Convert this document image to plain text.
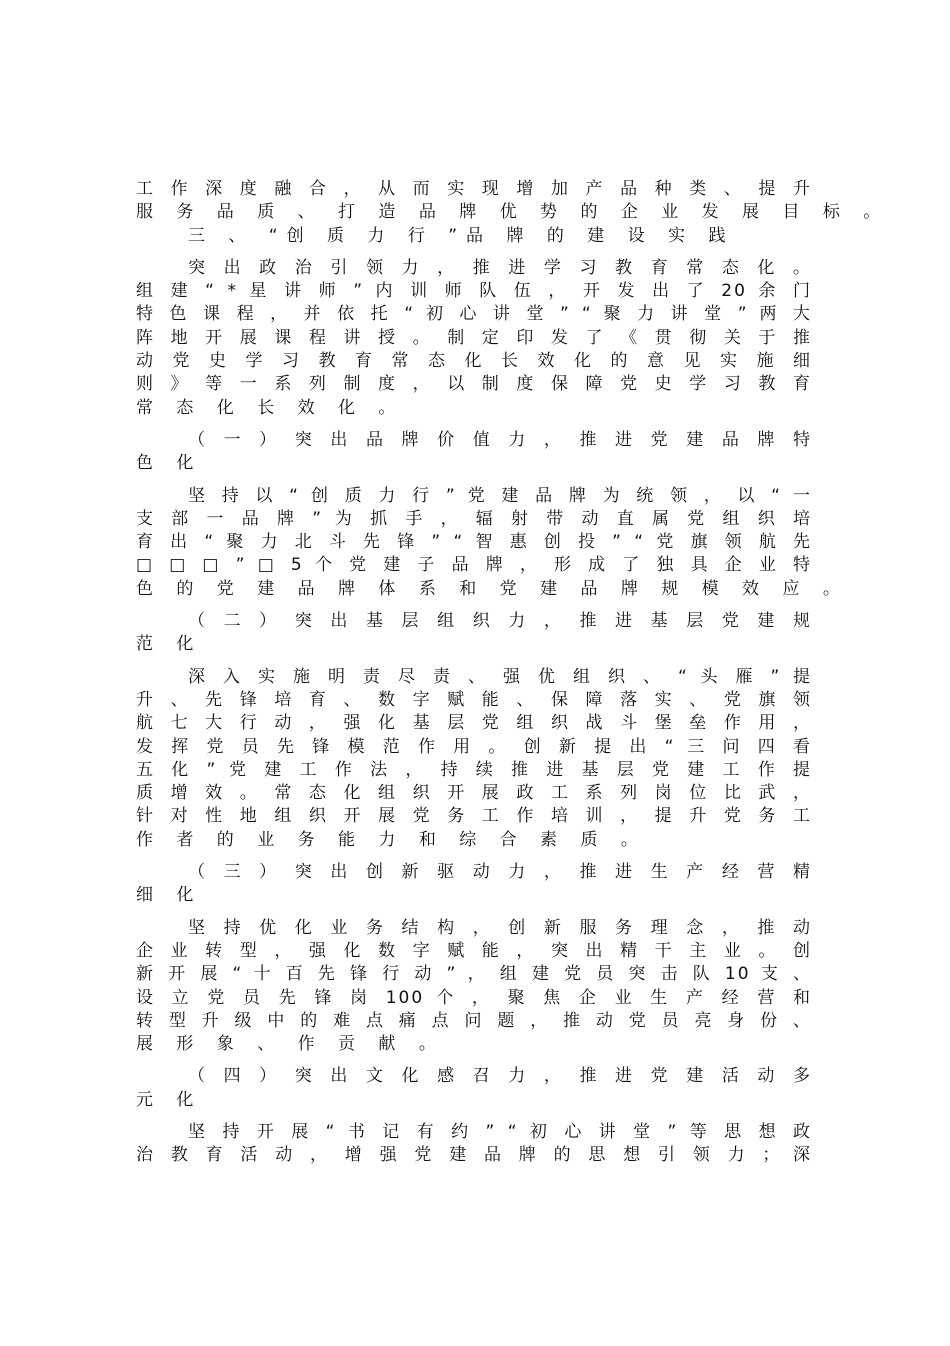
工 作 深 度 融 合 ， 从 而 实 现 增 加 产 品 种 类 、 提 升
服 务 品 质 、 打 造 品 牌 优 势 的 企 业 发 展 目 标 。
三 、 “创 质 力 行 ”品 牌 的 建 设 实 践
突 出 政 治 引 领 力 ， 推 进 学 习 教 育 常 态 化 。
组 建 “ * 星 讲 师 ” 内 训 师 队 伍 ， 开 发 出 了 20 余 门
特 色 课 程 ， 并 依 托 “ 初 心 讲 堂 ” “ 聚 力 讲 堂 ” 两 大
阵 地 开 展 课 程 讲 授 。 制 定 印 发 了 《 贯 彻 关 于 推
动 党 史 学 习 教 育 常 态 化 长 效 化 的 意 见 实 施 细
则 》 等 一 系 列 制 度 ， 以 制 度 保 障 党 史 学 习 教 育
常 态 化 长 效 化 。
（ 一 ） 突 出 品 牌 价 值 力 ， 推 进 党 建 品 牌 特
色 化
坚 持 以 “ 创 质 力 行 ” 党 建 品 牌 为 统 领 ， 以 “ 一
支 部 一 品 牌 ” 为 抓 手 ， 辐 射 带 动 直 属 党 组 织 培
育 出 “ 聚 力 北 斗 先 锋 ” “ 智 惠 创 投 ” “ 党 旗 领 航 先
□ □ □ ” □ 5 个 党 建 子 品 牌 ， 形 成 了 独 具 企 业 特
色 的 党 建 品 牌 体 系 和 党 建 品 牌 规 模 效 应 。
（ 二 ） 突 出 基 层 组 织 力 ， 推 进 基 层 党 建 规
范 化
深 入 实 施 明 责 尽 责 、 强 优 组 织 、 “ 头 雁 ” 提
升 、 先 锋 培 育 、 数 字 赋 能 、 保 障 落 实 、 党 旗 领
航 七 大 行 动 ， 强 化 基 层 党 组 织 战 斗 堡 垒 作 用 ，
发 挥 党 员 先 锋 模 范 作 用 。 创 新 提 出 “ 三 问 四 看
五 化 ” 党 建 工 作 法 ， 持 续 推 进 基 层 党 建 工 作 提
质 增 效 。 常 态 化 组 织 开 展 政 工 系 列 岗 位 比 武 ，
针 对 性 地 组 织 开 展 党 务 工 作 培 训 ， 提 升 党 务 工
作 者 的 业 务 能 力 和 综 合 素 质 。
（ 三 ） 突 出 创 新 驱 动 力 ， 推 进 生 产 经 营 精
细 化
坚 持 优 化 业 务 结 构 ， 创 新 服 务 理 念 ， 推 动
企 业 转 型 ， 强 化 数 字 赋 能 ， 突 出 精 干 主 业 。 创
新 开 展 “ 十 百 先 锋 行 动 ” ， 组 建 党 员 突 击 队 10 支 、
设 立 党 员 先 锋 岗 100 个 ， 聚 焦 企 业 生 产 经 营 和
转 型 升 级 中 的 难 点 痛 点 问 题 ， 推 动 党 员 亮 身 份 、
展 形 象 、 作 贡 献 。
（ 四 ） 突 出 文 化 感 召 力 ， 推 进 党 建 活 动 多
元 化
坚 持 开 展 “ 书 记 有 约 ” “ 初 心 讲 堂 ” 等 思 想 政
治 教 育 活 动 ， 增 强 党 建 品 牌 的 思 想 引 领 力 ； 深
